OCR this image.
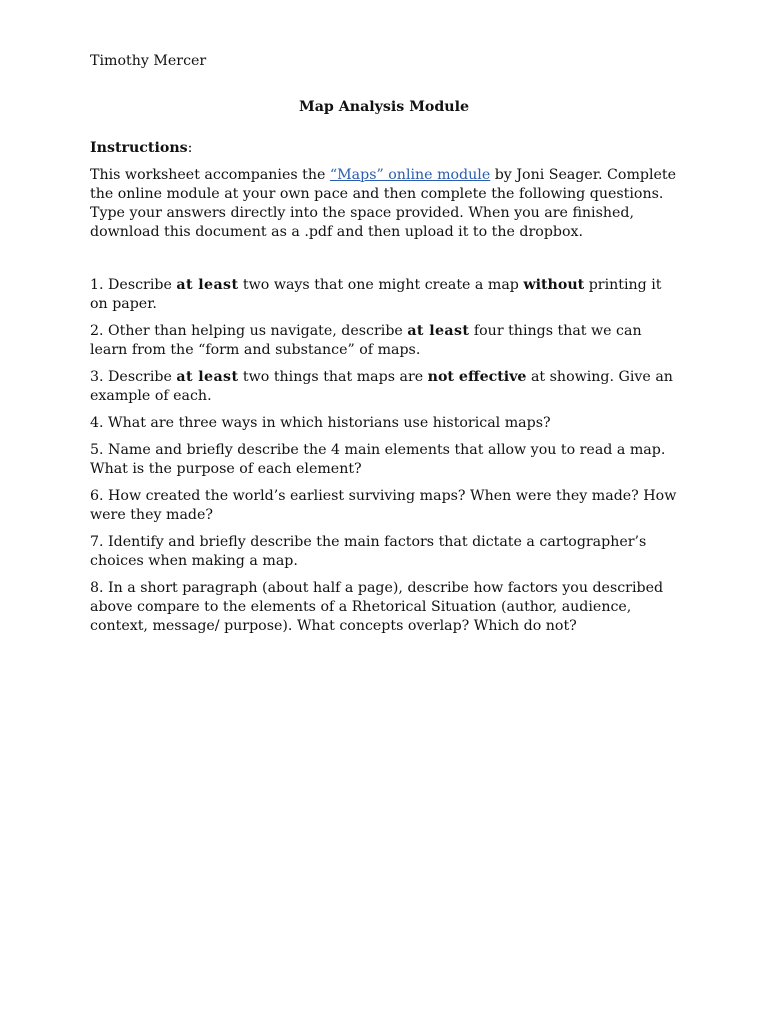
Timothy Mercer

Map Analysis Module

Instructions:

This worksheet accompanies the “Maps” online module by Joni Seager. Complete the online module at your own pace and then complete the following questions. Type your answers directly into the space provided. When you are finished, download this document as a .pdf and then upload it to the dropbox.

1. Describe at least two ways that one might create a map without printing it on paper.
2. Other than helping us navigate, describe at least four things that we can learn from the “form and substance” of maps.
3. Describe at least two things that maps are not effective at showing. Give an example of each.
4. What are three ways in which historians use historical maps?
5. Name and briefly describe the 4 main elements that allow you to read a map. What is the purpose of each element?
6. How created the world’s earliest surviving maps? When were they made? How were they made?
7. Identify and briefly describe the main factors that dictate a cartographer’s choices when making a map.
8. In a short paragraph (about half a page), describe how factors you described above compare to the elements of a Rhetorical Situation (author, audience, context, message/ purpose). What concepts overlap? Which do not?
